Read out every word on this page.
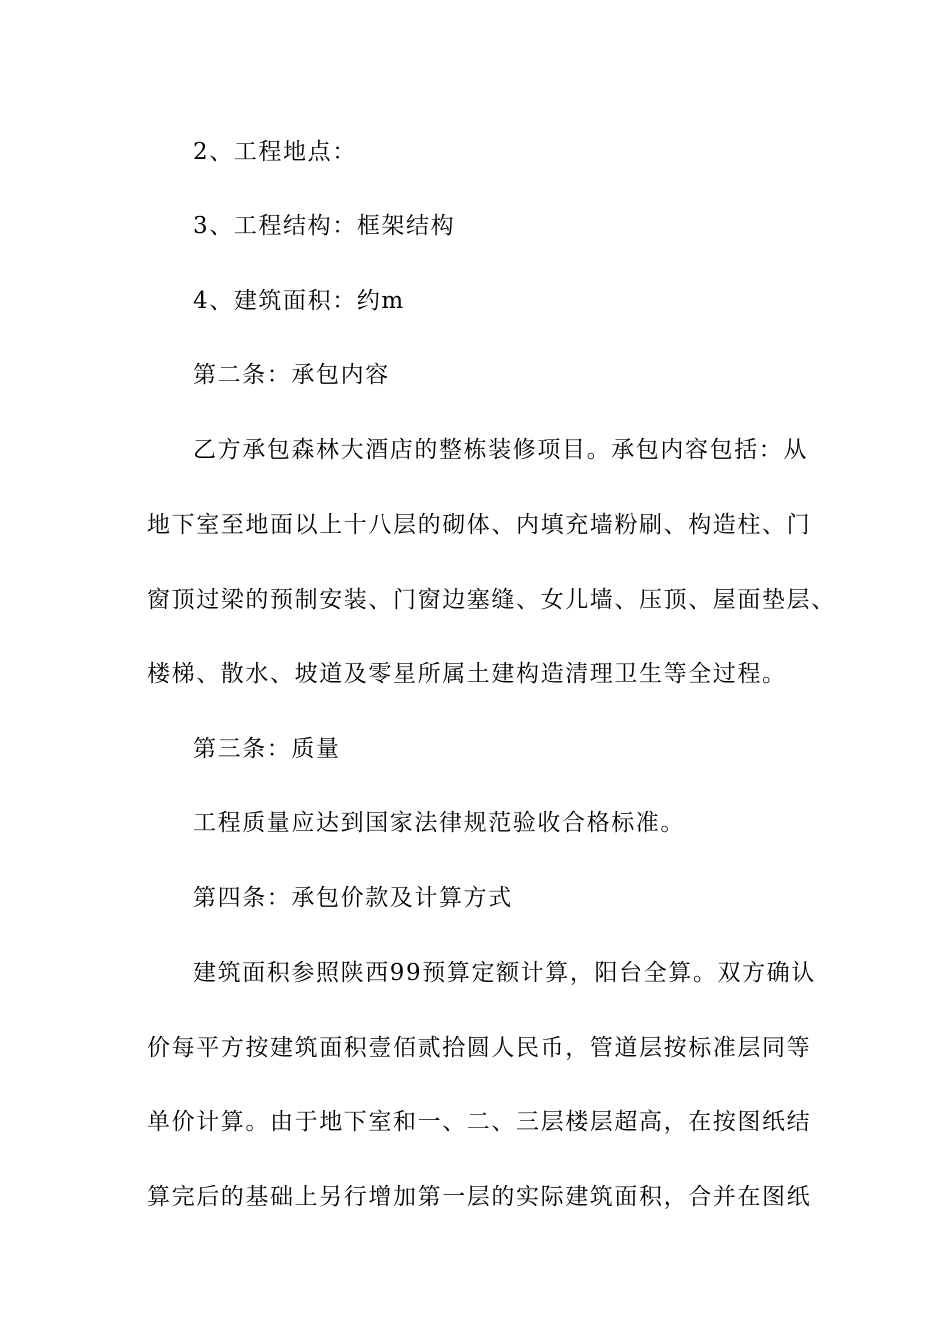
2、工程地点：
3、工程结构：框架结构
4、建筑面积：约m
第二条：承包内容
乙方承包森林大酒店的整栋装修项目。承包内容包括：从
地下室至地面以上十八层的砌体、内填充墙粉刷、构造柱、门
窗顶过梁的预制安装、门窗边塞缝、女儿墙、压顶、屋面垫层、
楼梯、散水、坡道及零星所属土建构造清理卫生等全过程。
第三条：质量
工程质量应达到国家法律规范验收合格标准。
第四条：承包价款及计算方式
建筑面积参照陕西99预算定额计算，阳台全算。双方确认
价每平方按建筑面积壹佰贰拾圆人民币，管道层按标准层同等
单价计算。由于地下室和一、二、三层楼层超高，在按图纸结
算完后的基础上另行增加第一层的实际建筑面积，合并在图纸
